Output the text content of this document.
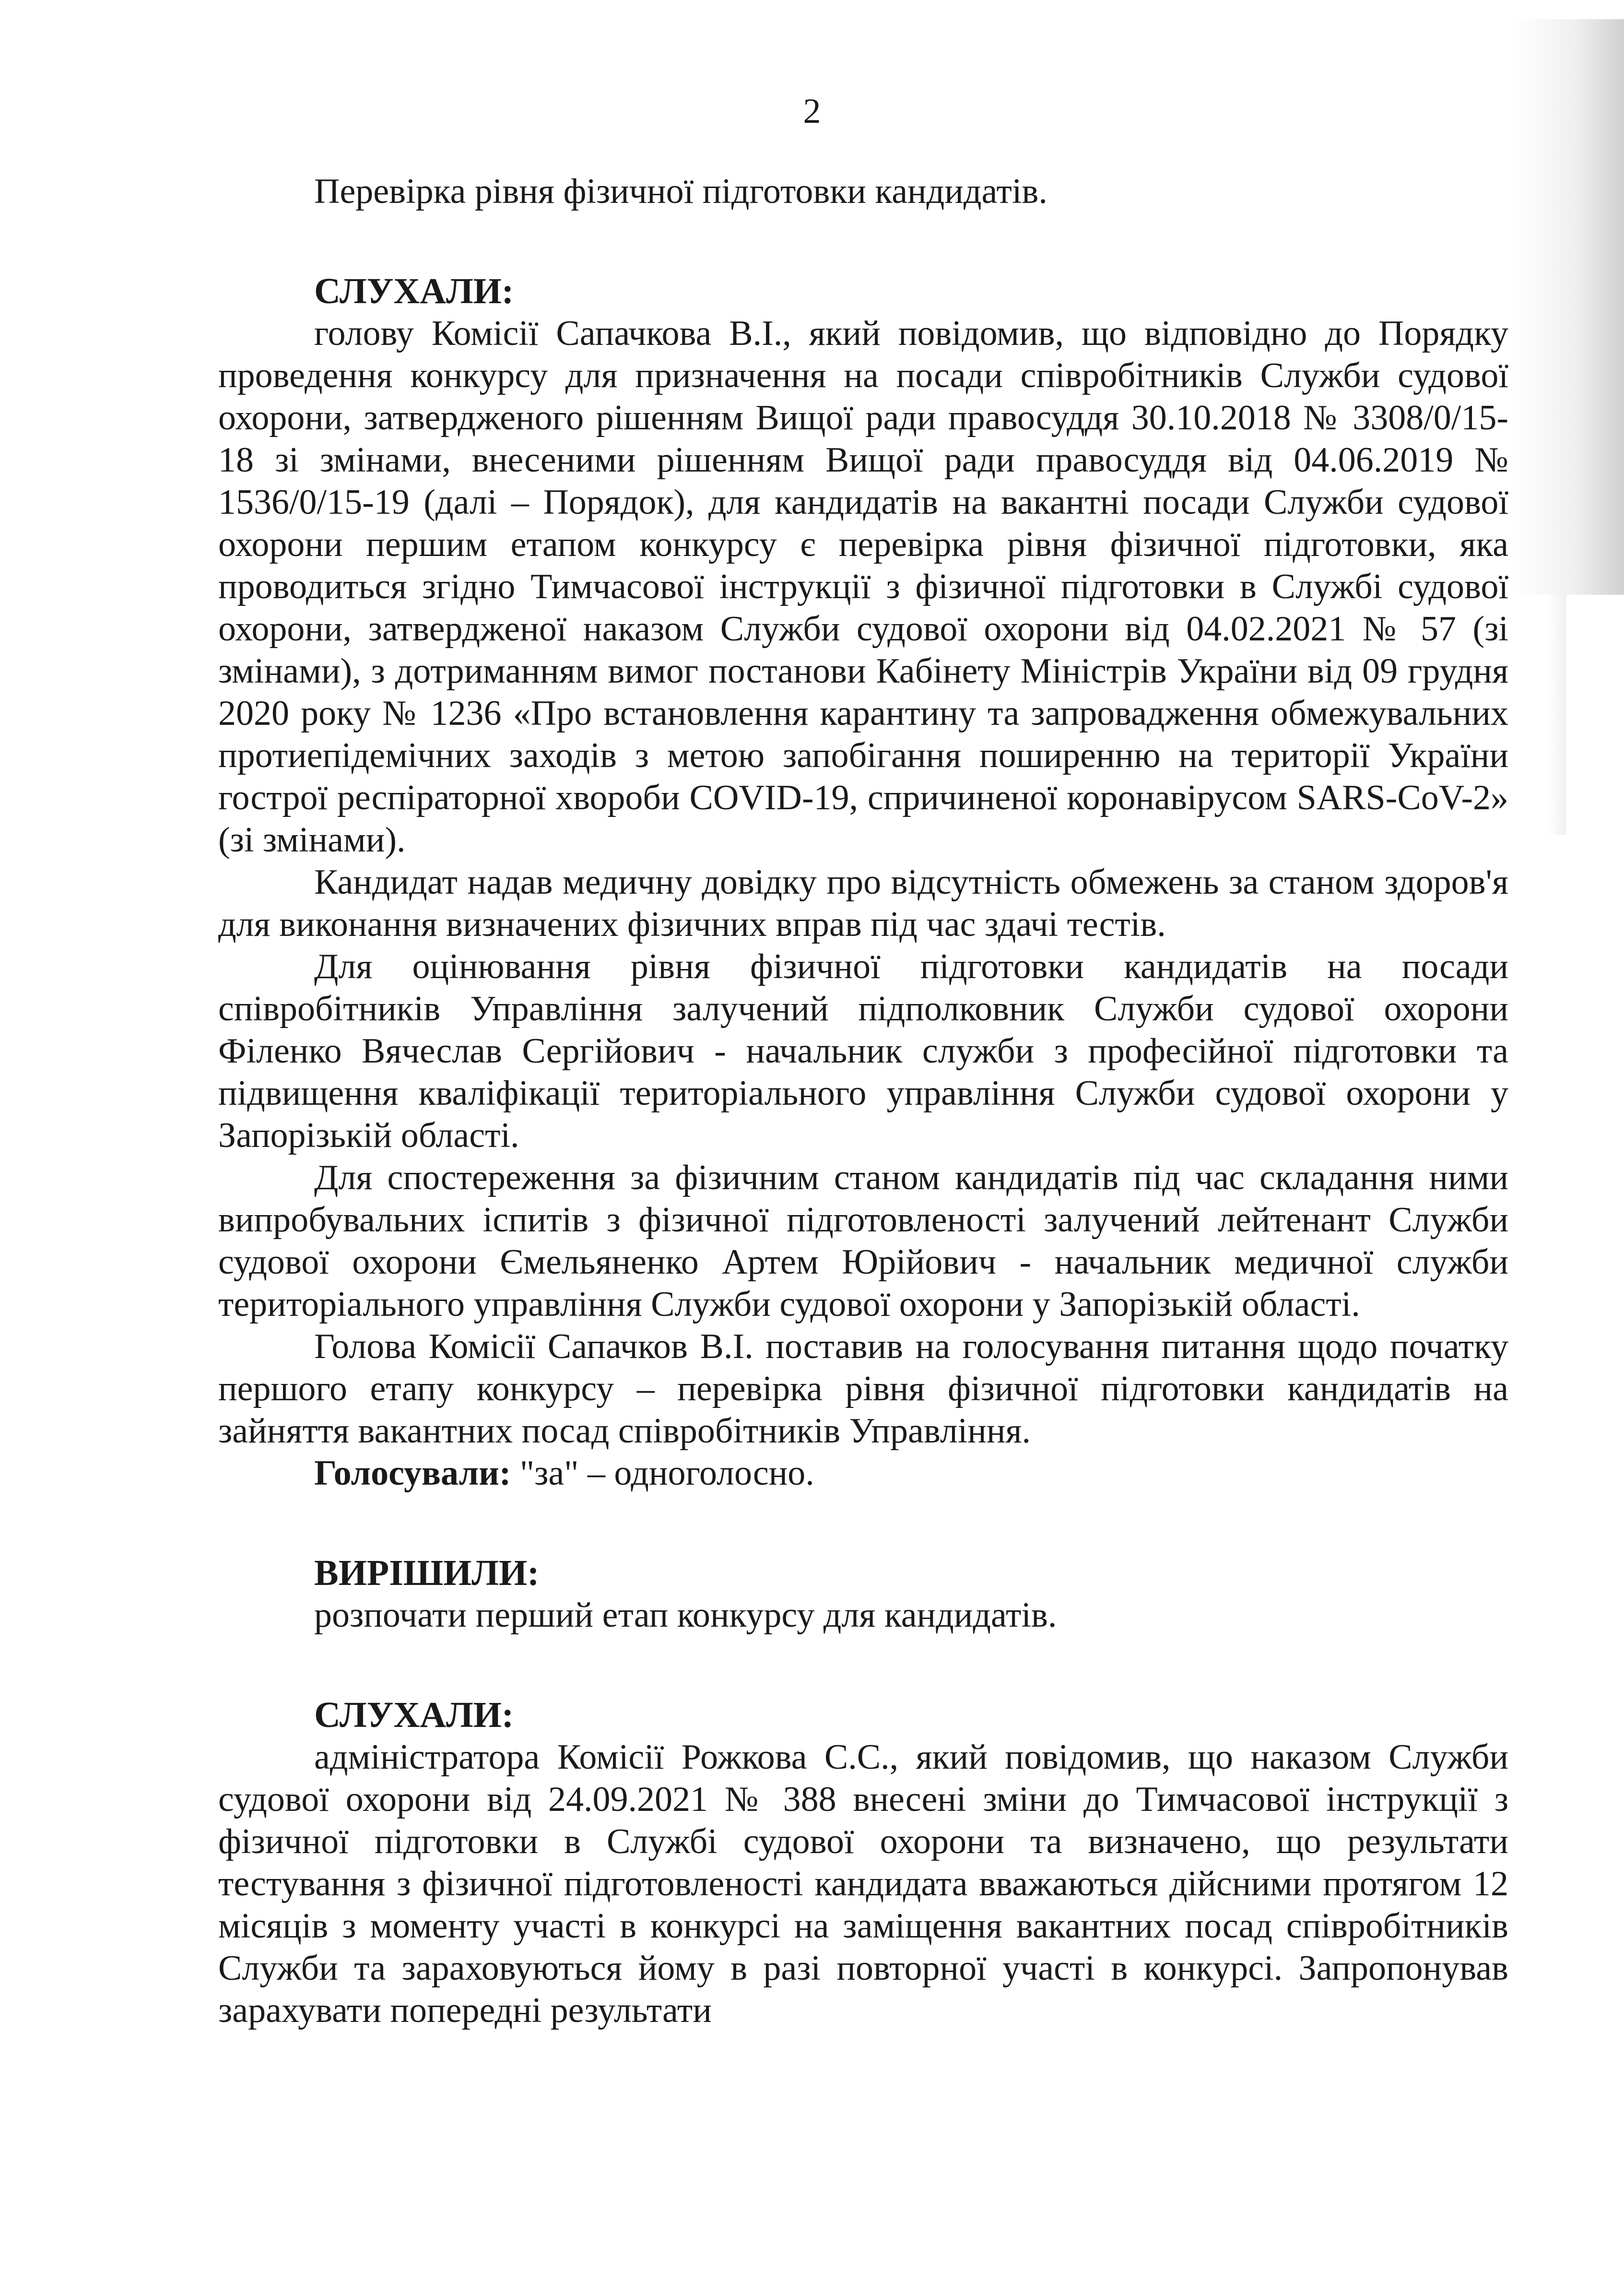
2

Перевірка рівня фізичної підготовки кандидатів.

СЛУХАЛИ:

голову Комісії Сапачкова В.І., який повідомив, що відповідно до Порядку проведення конкурсу для призначення на посади співробітників Служби судової охорони, затвердженого рішенням Вищої ради правосуддя 30.10.2018 № 3308/0/15-18 зі змінами, внесеними рішенням Вищої ради правосуддя від 04.06.2019 № 1536/0/15-19 (далі – Порядок), для кандидатів на вакантні посади Служби судової охорони першим етапом конкурсу є перевірка рівня фізичної підготовки, яка проводиться згідно Тимчасової інструкції з фізичної підготовки в Службі судової охорони, затвердженої наказом Служби судової охорони від 04.02.2021 № 57 (зі змінами), з дотриманням вимог постанови Кабінету Міністрів України від 09 грудня 2020 року № 1236 «Про встановлення карантину та запровадження обмежувальних протиепідемічних заходів з метою запобігання поширенню на території України гострої респіраторної хвороби COVID-19, спричиненої коронавірусом SARS-CoV-2» (зі змінами).

Кандидат надав медичну довідку про відсутність обмежень за станом здоров'я для виконання визначених фізичних вправ під час здачі тестів.

Для оцінювання рівня фізичної підготовки кандидатів на посади співробітників Управління залучений підполковник Служби судової охорони Філенко Вячеслав Сергійович - начальник служби з професійної підготовки та підвищення кваліфікації територіального управління Служби судової охорони у Запорізькій області.

Для спостереження за фізичним станом кандидатів під час складання ними випробувальних іспитів з фізичної підготовленості залучений лейтенант Служби судової охорони Ємельяненко Артем Юрійович - начальник медичної служби територіального управління Служби судової охорони у Запорізькій області.

Голова Комісії Сапачков В.І. поставив на голосування питання щодо початку першого етапу конкурсу – перевірка рівня фізичної підготовки кандидатів на зайняття вакантних посад співробітників Управління.

Голосували: "за" – одноголосно.

ВИРІШИЛИ:

розпочати перший етап конкурсу для кандидатів.

СЛУХАЛИ:

адміністратора Комісії Рожкова С.С., який повідомив, що наказом Служби судової охорони від 24.09.2021 № 388 внесені зміни до Тимчасової інструкції з фізичної підготовки в Службі судової охорони та визначено, що результати тестування з фізичної підготовленості кандидата вважаються дійсними протягом 12 місяців з моменту участі в конкурсі на заміщення вакантних посад співробітників Служби та зараховуються йому в разі повторної участі в конкурсі. Запропонував зарахувати попередні результати
